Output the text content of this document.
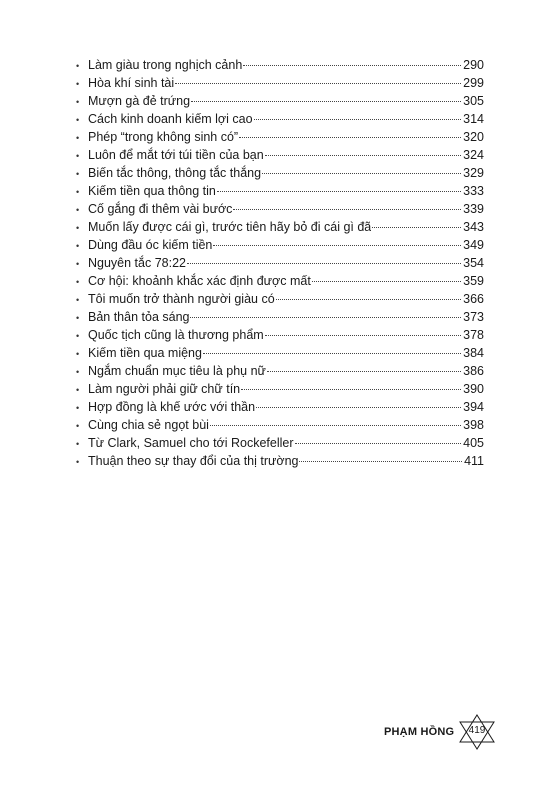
• Làm giàu trong nghịch cảnh	290
• Hòa khí sinh tài	299
• Mượn gà đẻ trứng	305
• Cách kinh doanh kiếm lợi cao	314
• Phép “trong không sinh có”	320
• Luôn để mắt tới túi tiền của bạn	324
• Biến tắc thông, thông tắc thắng	329
• Kiếm tiền qua thông tin	333
• Cố gắng đi thêm vài bước	339
• Muốn lấy được cái gì, trước tiên hãy bỏ đi cái gì đã	343
• Dùng đầu óc kiếm tiền	349
• Nguyên tắc 78:22	354
• Cơ hội: khoảnh khắc xác định được mất	359
• Tôi muốn trở thành người giàu có	366
• Bản thân tỏa sáng	373
• Quốc tịch cũng là thương phẩm	378
• Kiếm tiền qua miệng	384
• Ngắm chuẩn mục tiêu là phụ nữ	386
• Làm người phải giữ chữ tín	390
• Hợp đồng là khế ước với thần	394
• Cùng chia sẻ ngọt bùi	398
• Từ Clark, Samuel cho tới Rockefeller	405
• Thuận theo sự thay đổi của thị trường	411
PHẠM HỒNG	419
